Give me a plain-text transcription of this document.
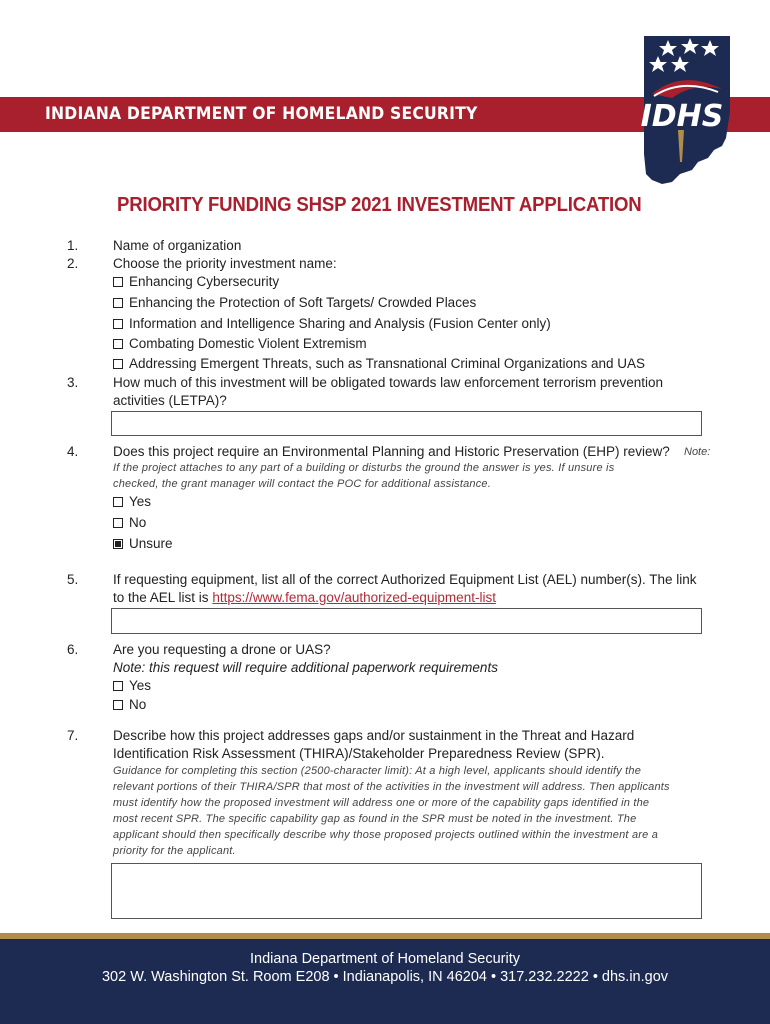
INDIANA DEPARTMENT OF HOMELAND SECURITY	IDHS
PRIORITY FUNDING SHSP 2021 INVESTMENT APPLICATION
1.	Name of organization
2.	Choose the priority investment name:
Enhancing Cybersecurity
Enhancing the Protection of Soft Targets/ Crowded Places
Information and Intelligence Sharing and Analysis (Fusion Center only)
Combating Domestic Violent Extremism
Addressing Emergent Threats, such as Transnational Criminal Organizations and UAS
3.	How much of this investment will be obligated towards law enforcement terrorism prevention
activities (LETPA)?
4.	Does this project require an Environmental Planning and Historic Preservation (EHP) review? Note:
If the project attaches to any part of a building or disturbs the ground the answer is yes. If unsure is
checked, the grant manager will contact the POC for additional assistance.
Yes
No
Unsure
5.	If requesting equipment, list all of the correct Authorized Equipment List (AEL) number(s). The link
to the AEL list is https://www.fema.gov/authorized-equipment-list
6.	Are you requesting a drone or UAS?
Note: this request will require additional paperwork requirements
Yes
No
7.	Describe how this project addresses gaps and/or sustainment in the Threat and Hazard
Identification Risk Assessment (THIRA)/Stakeholder Preparedness Review (SPR).
Guidance for completing this section (2500-character limit): At a high level, applicants should identify the
relevant portions of their THIRA/SPR that most of the activities in the investment will address. Then applicants
must identify how the proposed investment will address one or more of the capability gaps identified in the
most recent SPR. The specific capability gap as found in the SPR must be noted in the investment. The
applicant should then specifically describe why those proposed projects outlined within the investment are a
priority for the applicant.
Indiana Department of Homeland Security
302 W. Washington St. Room E208 • Indianapolis, IN 46204 • 317.232.2222 • dhs.in.gov
